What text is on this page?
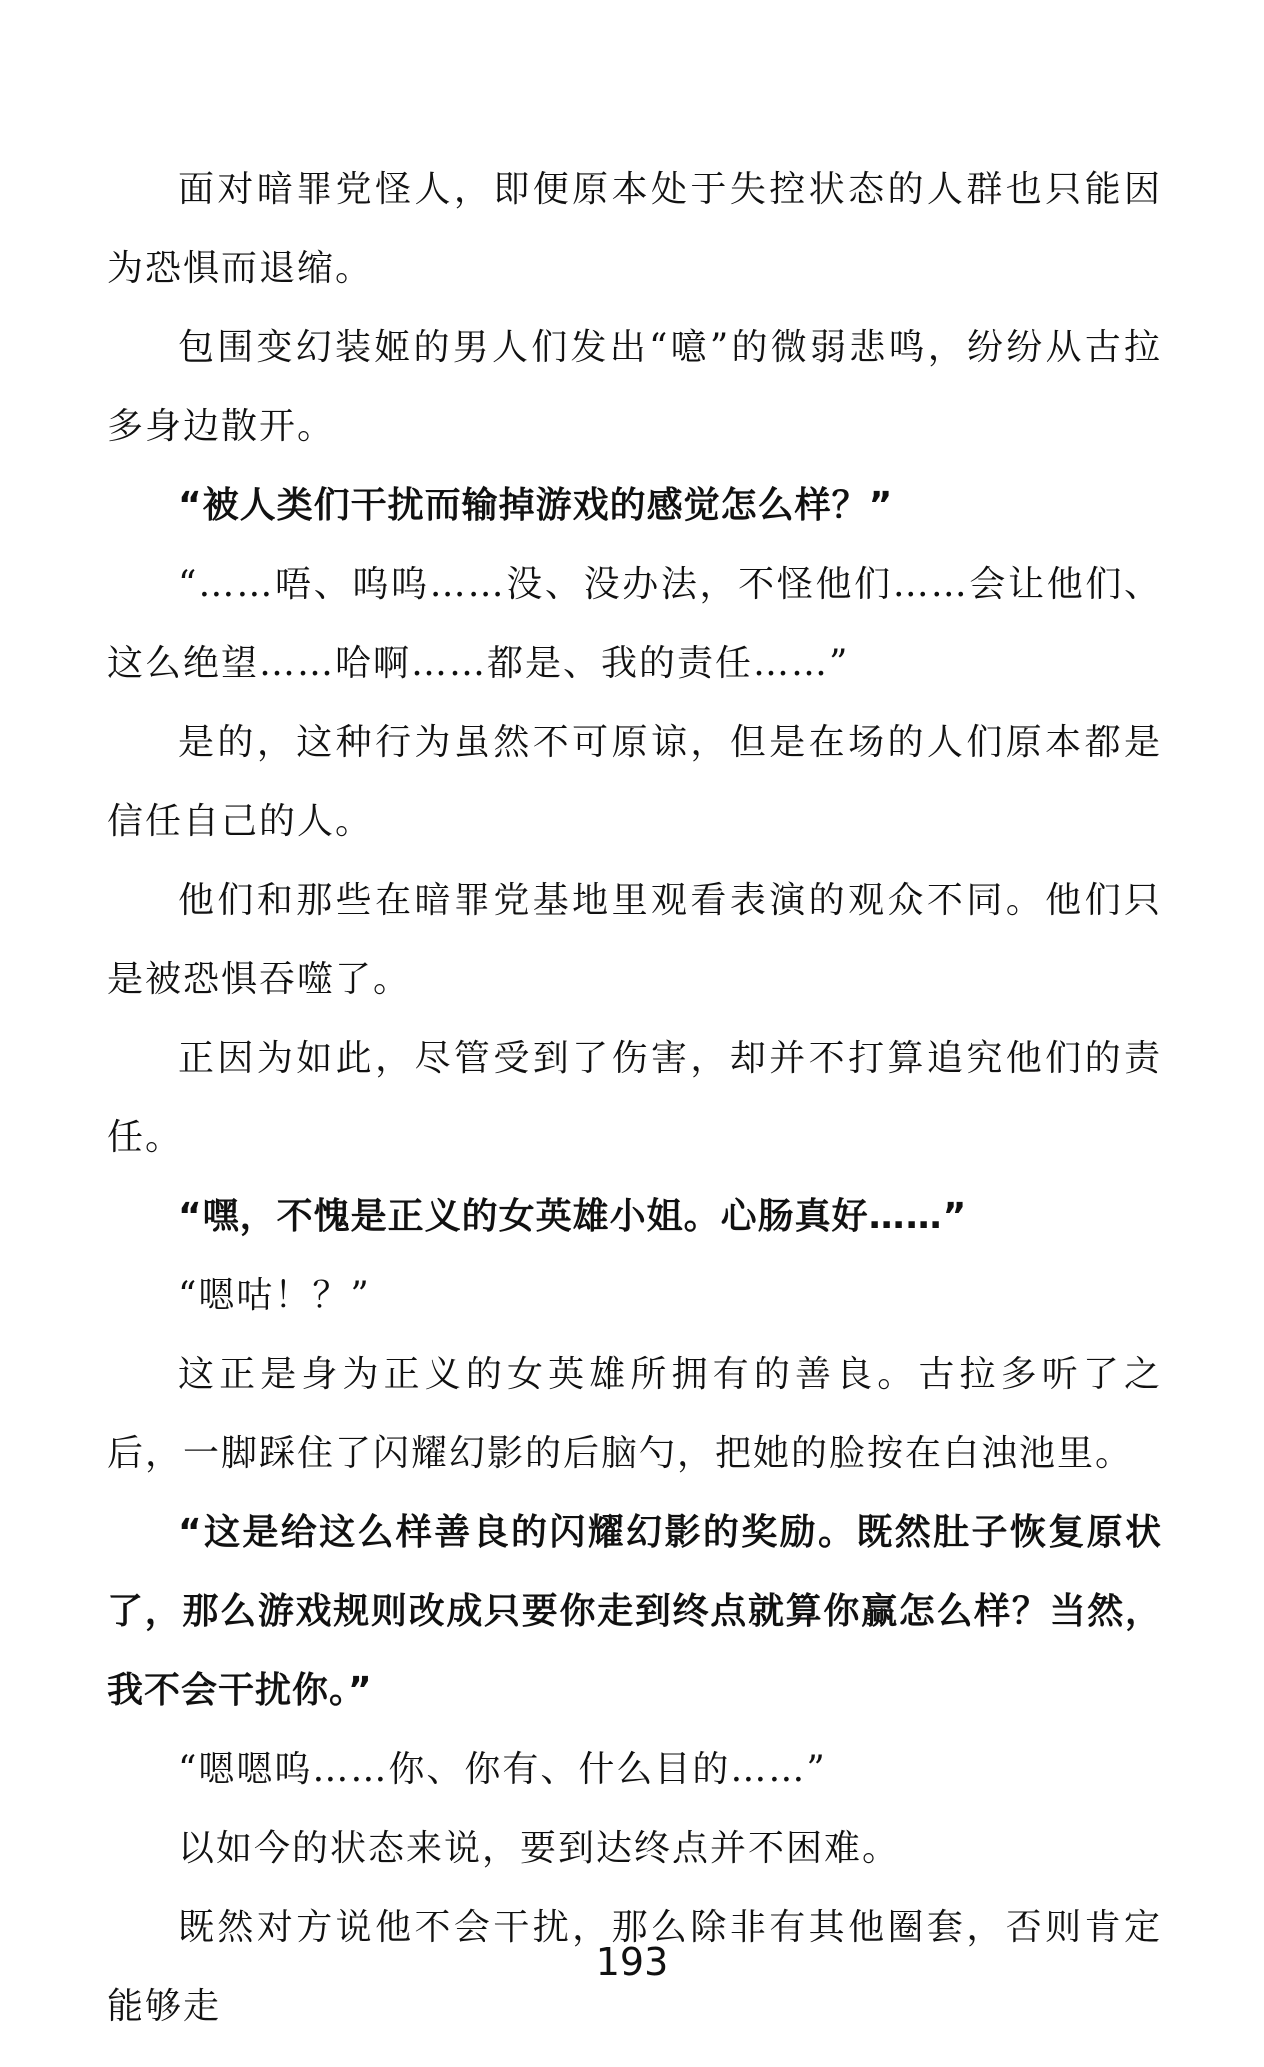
面对暗罪党怪人，即便原本处于失控状态的人群也只能因为恐惧而退缩。

包围变幻装姬的男人们发出“噫”的微弱悲鸣，纷纷从古拉多身边散开。

“被人类们干扰而输掉游戏的感觉怎么样？”

“……唔、呜呜……没、没办法，不怪他们……会让他们、这么绝望……哈啊……都是、我的责任……”

是的，这种行为虽然不可原谅，但是在场的人们原本都是信任自己的人。

他们和那些在暗罪党基地里观看表演的观众不同。他们只是被恐惧吞噬了。

正因为如此，尽管受到了伤害，却并不打算追究他们的责任。

“嘿，不愧是正义的女英雄小姐。心肠真好……”

“嗯咕！？”

这正是身为正义的女英雄所拥有的善良。古拉多听了之后，一脚踩住了闪耀幻影的后脑勺，把她的脸按在白浊池里。

“这是给这么样善良的闪耀幻影的奖励。既然肚子恢复原状了，那么游戏规则改成只要你走到终点就算你赢怎么样？当然，我不会干扰你。”

“嗯嗯呜……你、你有、什么目的……”

以如今的状态来说，要到达终点并不困难。

既然对方说他不会干扰，那么除非有其他圈套，否则肯定能够走

193
